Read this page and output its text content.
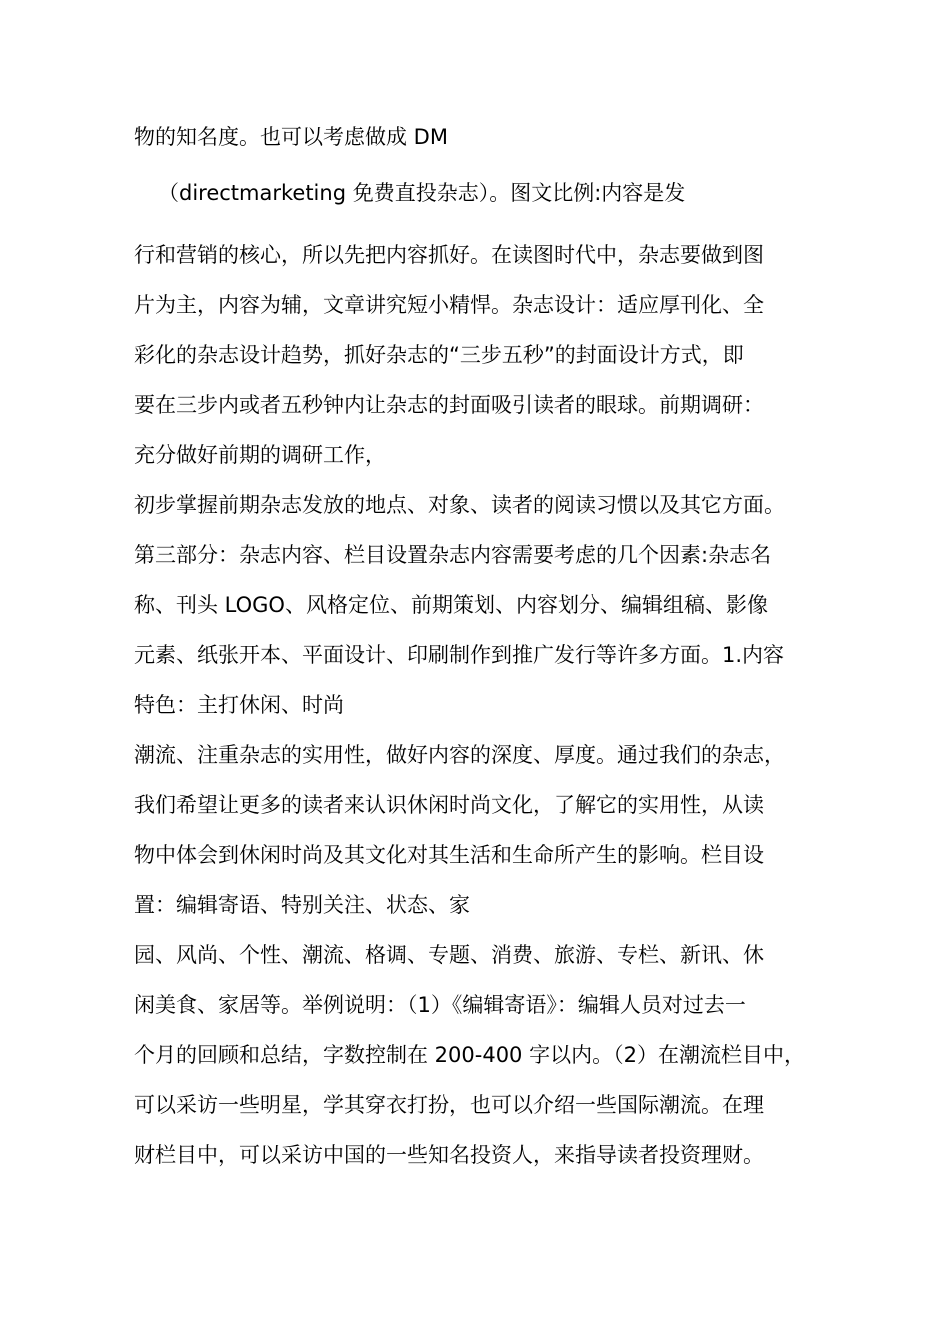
物的知名度。也可以考虑做成 DM
（directmarketing 免费直投杂志）。图文比例:内容是发
行和营销的核心，所以先把内容抓好。在读图时代中，杂志要做到图
片为主，内容为辅，文章讲究短小精悍。杂志设计：适应厚刊化、全
彩化的杂志设计趋势，抓好杂志的“三步五秒”的封面设计方式，即
要在三步内或者五秒钟内让杂志的封面吸引读者的眼球。前期调研：
充分做好前期的调研工作，
初步掌握前期杂志发放的地点、对象、读者的阅读习惯以及其它方面。
第三部分：杂志内容、栏目设置杂志内容需要考虑的几个因素:杂志名
称、刊头 LOGO、风格定位、前期策划、内容划分、编辑组稿、影像
元素、纸张开本、平面设计、印刷制作到推广发行等许多方面。1.内容
特色：主打休闲、时尚
潮流、注重杂志的实用性，做好内容的深度、厚度。通过我们的杂志，
我们希望让更多的读者来认识休闲时尚文化，了解它的实用性，从读
物中体会到休闲时尚及其文化对其生活和生命所产生的影响。栏目设
置：编辑寄语、特别关注、状态、家
园、风尚、个性、潮流、格调、专题、消费、旅游、专栏、新讯、休
闲美食、家居等。举例说明：（1）《编辑寄语》：编辑人员对过去一
个月的回顾和总结，字数控制在 200-400 字以内。（2）在潮流栏目中，
可以采访一些明星，学其穿衣打扮，也可以介绍一些国际潮流。在理
财栏目中，可以采访中国的一些知名投资人，来指导读者投资理财。
